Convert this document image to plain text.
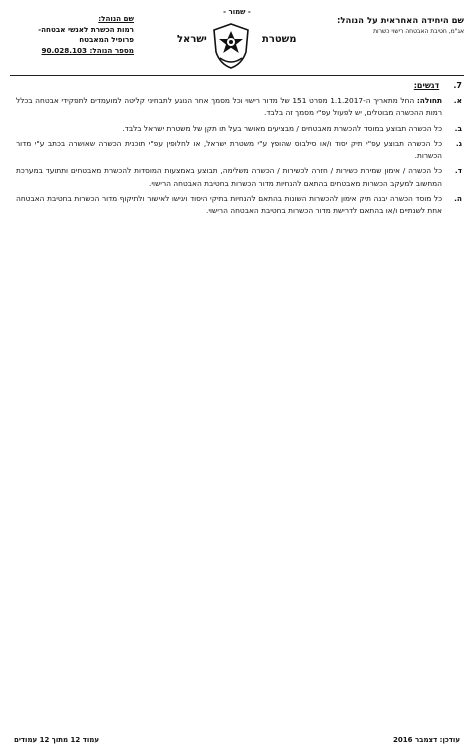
- שמור -
שם היחידה האחראית על הנוהל:
אג"מ, חטיבת האבטחה רישוי כשרות
משטרת
ישראל
שם הנוהל:
רמות הכשרת לאנשי אבטחה-
פרופיל המאבטח
מספר הנוהל: 90.028.103
7. דגשים:
א.
תחולה: החל מתאריך ה-1.1.2017 מפרט 151 של מדור רישוי וכל מסמך אחר הנוגע לתבחיני קליטה למועמדים לתפקידי אבטחה בכלל רמות ההכשרה מבוטלים, יש לפעול עפ"י מסמך זה בלבד.
ב.
כל הכשרה תבוצע במוסד להכשרת מאבטחים / מבציעים מאושר בעל תו תקן של משטרת ישראל בלבד.
ג.
כל הכשרה תבוצע עפ"י תיק יסוד ו/או סילבוס שהופץ ע"י משטרת ישראל, או לחלופין עפ"י תוכנית הכשרה שאושרה בכתב ע"י מדור הכשרות.
ד.
כל הכשרה / אימון שמירת כשירות / חזרה לכשירות / הכשרה משלימה, תבוצע באמצעות המוסדות להכשרת מאבטחים ותתועד במערכת המחשוב למעקב הכשרות מאבטחים בהתאם להנחיות מדור הכשרות בחטיבת האבטחה הרישוי.
ה.
כל מוסד הכשרה יבנה תיק אימון להכשרות השונות בהתאם להנחיות בתיקי היסוד ויגישו לאישור ולתיקוף מדור הכשרות בחטיבת האבטחה אחת לשנתיים ו/או בהתאם לדרישת מדור הכשרות בחטיבת האבטחה הרישוי.
עמוד 12 מתוך 12 עמודים	עודכן: דצמבר 2016
